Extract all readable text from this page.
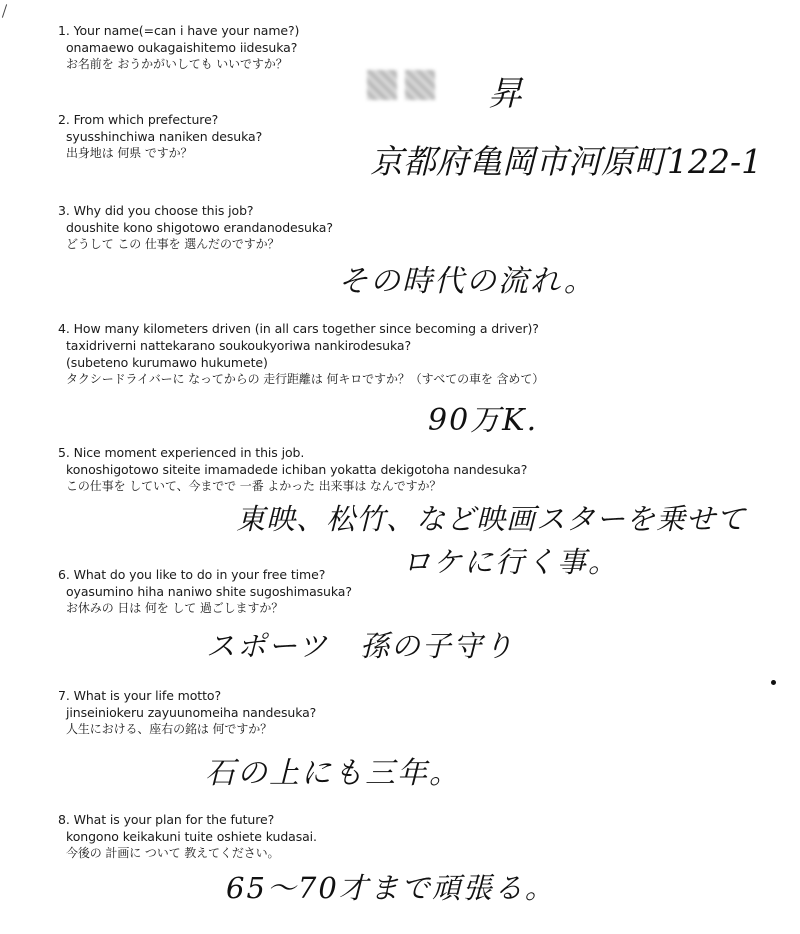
1. Your name(=can i have your name?)
onamaewo oukagaishitemo iidesuka?
お名前を おうかがいしても いいですか？
昇
2. From which prefecture?
syusshinchiwa naniken desuka?
出身地は 何県 ですか？	京都府亀岡市河原町122-1
3. Why did you choose this job?
doushite kono shigotowo erandanodesuka?
どうして この 仕事を 選んだのですか？
その時代の流れ。
4. How many kilometers driven (in all cars together since becoming a driver)?
taxidriverni nattekarano soukoukyoriwa nankirodesuka?
(subeteno kurumawo hukumete)
タクシードライバーに なってからの 走行距離は 何キロですか？（すべての車を 含めて）
90万K.
5. Nice moment experienced in this job.
konoshigotowo siteite imamadede ichiban yokatta dekigotoha nandesuka?
この仕事を していて、今までで 一番 よかった 出来事は なんですか？
東映、松竹、など映画スターを乗せて
ロケに行く事。
6. What do you like to do in your free time?
oyasumino hiha naniwo shite sugoshimasuka?
お休みの 日は 何を して 過ごしますか？
スポーツ　孫の子守り
7. What is your life motto?
jinseiniokeru zayuunomeiha nandesuka?
人生における、座右の銘は 何ですか？
石の上にも三年。
8. What is your plan for the future?
kongono keikakuni tuite oshiete kudasai.
今後の 計画に ついて 教えてください。
65～70才まで頑張る。
